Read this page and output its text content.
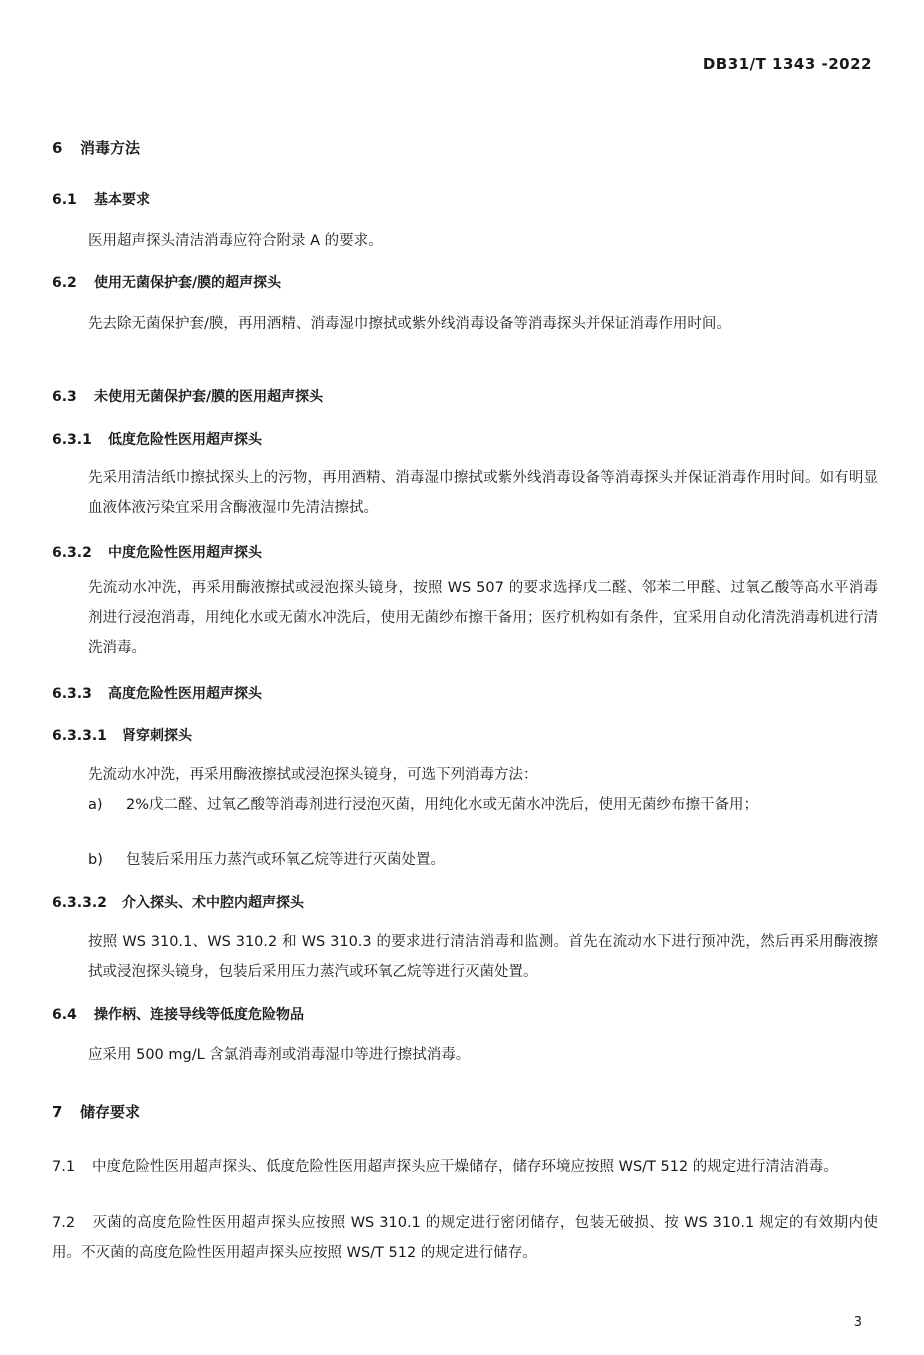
DB31/T 1343 -2022
6 消毒方法
6.1 基本要求
医用超声探头清洁消毒应符合附录 A 的要求。
6.2 使用无菌保护套/膜的超声探头
先去除无菌保护套/膜，再用酒精、消毒湿巾擦拭或紫外线消毒设备等消毒探头并保证消毒作用时间。
6.3 未使用无菌保护套/膜的医用超声探头
6.3.1 低度危险性医用超声探头
先采用清洁纸巾擦拭探头上的污物，再用酒精、消毒湿巾擦拭或紫外线消毒设备等消毒探头并保证消毒作用时间。如有明显血液体液污染宜采用含酶液湿巾先清洁擦拭。
6.3.2 中度危险性医用超声探头
先流动水冲洗，再采用酶液擦拭或浸泡探头镜身，按照 WS 507 的要求选择戊二醛、邻苯二甲醛、过氧乙酸等高水平消毒剂进行浸泡消毒，用纯化水或无菌水冲洗后，使用无菌纱布擦干备用；医疗机构如有条件，宜采用自动化清洗消毒机进行清洗消毒。
6.3.3 高度危险性医用超声探头
6.3.3.1 肾穿刺探头
先流动水冲洗，再采用酶液擦拭或浸泡探头镜身，可选下列消毒方法：
a) 2%戊二醛、过氧乙酸等消毒剂进行浸泡灭菌，用纯化水或无菌水冲洗后，使用无菌纱布擦干备用；
b) 包装后采用压力蒸汽或环氧乙烷等进行灭菌处置。
6.3.3.2 介入探头、术中腔内超声探头
按照 WS 310.1、WS 310.2 和 WS 310.3 的要求进行清洁消毒和监测。首先在流动水下进行预冲洗，然后再采用酶液擦拭或浸泡探头镜身，包装后采用压力蒸汽或环氧乙烷等进行灭菌处置。
6.4 操作柄、连接导线等低度危险物品
应采用 500 mg/L 含氯消毒剂或消毒湿巾等进行擦拭消毒。
7 储存要求
7.1 中度危险性医用超声探头、低度危险性医用超声探头应干燥储存，储存环境应按照 WS/T 512 的规定进行清洁消毒。
7.2 灭菌的高度危险性医用超声探头应按照 WS 310.1 的规定进行密闭储存，包装无破损、按 WS 310.1 规定的有效期内使用。不灭菌的高度危险性医用超声探头应按照 WS/T 512 的规定进行储存。
3
